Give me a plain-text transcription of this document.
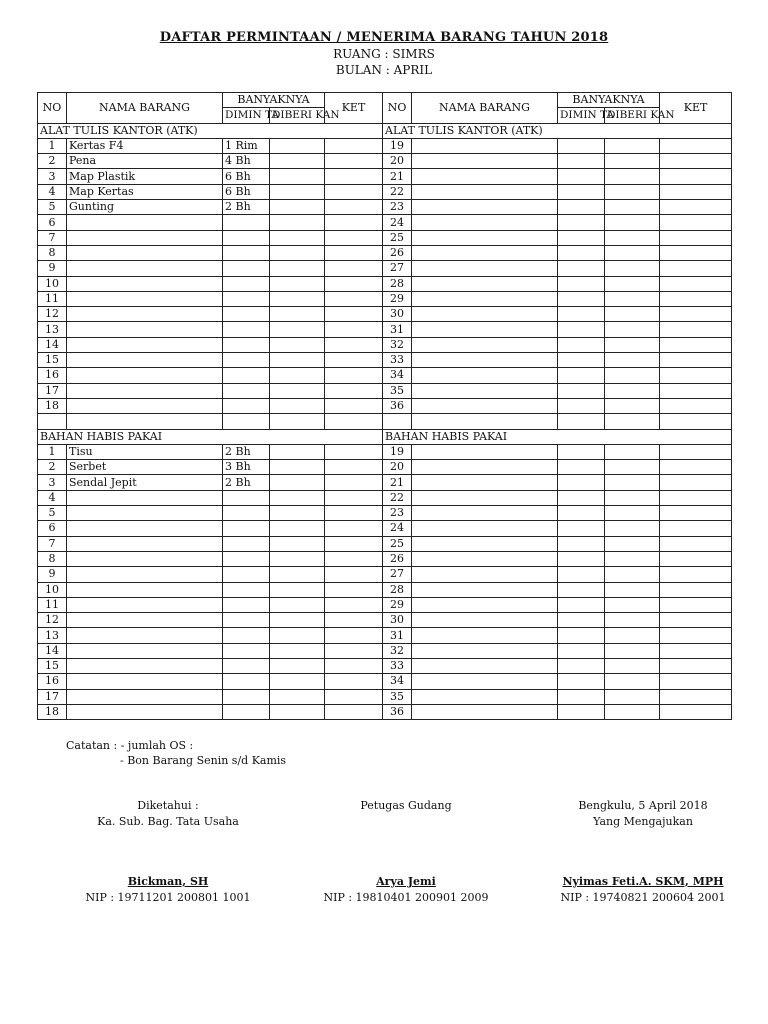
DAFTAR PERMINTAAN / MENERIMA BARANG TAHUN 2018
RUANG : SIMRS
BULAN : APRIL
NO	NAMA BARANG	BANYAKNYA		KET	NO	NAMA BARANG	BANYAKNYA		KET
		DIMIN TA	DIBERI KAN				DIMIN TA	DIBERI KAN	
ALAT TULIS KANTOR (ATK)					ALAT TULIS KANTOR (ATK)				
1	Kertas F4	1 Rim			19				
2	Pena	4 Bh			20				
3	Map Plastik	6 Bh			21				
4	Map Kertas	6 Bh			22				
5	Gunting	2 Bh			23				
6					24				
7					25				
8					26				
9					27				
10					28				
11					29				
12					30				
13					31				
14					32				
15					33				
16					34				
17					35				
18					36				

BAHAN HABIS PAKAI					BAHAN HABIS PAKAI				
1	Tisu	2 Bh			19				
2	Serbet	3 Bh			20				
3	Sendal Jepit	2 Bh			21				
4					22				
5					23				
6					24				
7					25				
8					26				
9					27				
10					28				
11					29				
12					30				
13					31				
14					32				
15					33				
16					34				
17					35				
18					36				
Catatan : - jumlah OS :
- Bon Barang Senin s/d Kamis
Diketahui :
Ka. Sub. Bag. Tata Usaha
Bickman, SH
NIP : 19711201 200801 1001
Petugas Gudang
Arya Jemi
NIP : 19810401 200901 2009
Bengkulu, 5 April 2018
Yang Mengajukan
Nyimas Feti.A. SKM, MPH
NIP : 19740821 200604 2001
